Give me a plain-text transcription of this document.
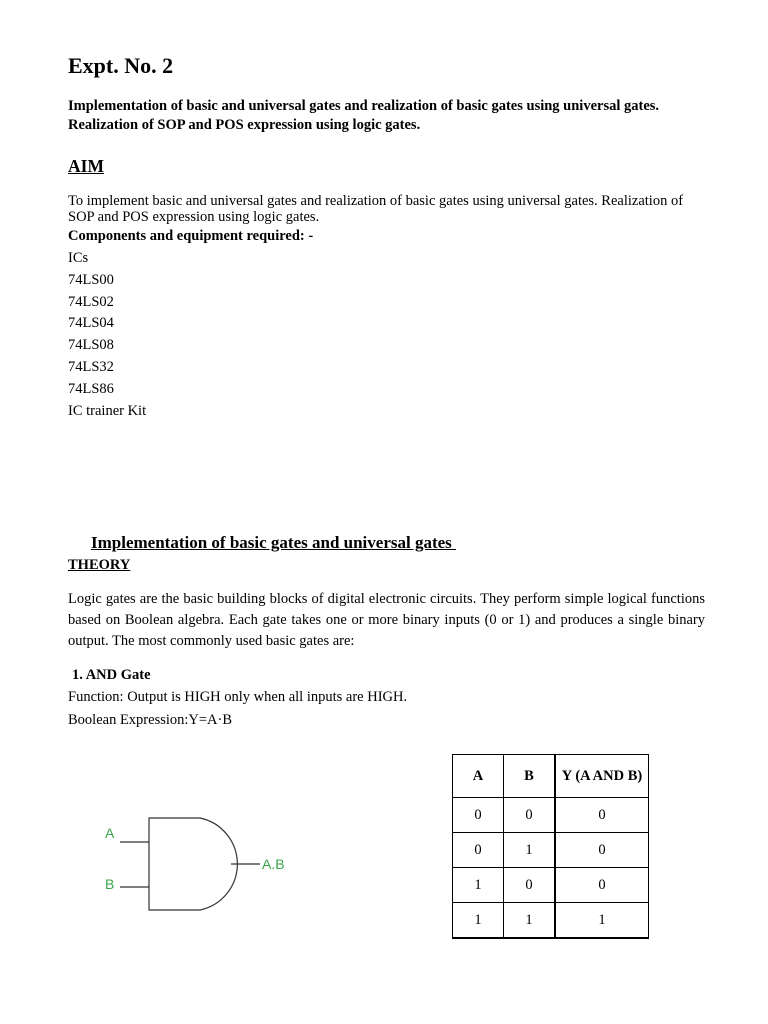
Expt. No. 2
Implementation of basic and universal gates and realization of basic gates using universal gates. Realization of SOP and POS expression using logic gates.
AIM
To implement basic and universal gates and realization of basic gates using universal gates. Realization of SOP and POS expression using logic gates.
Components and equipment required: -
ICs
74LS00
74LS02
74LS04
74LS08
74LS32
74LS86
IC trainer Kit
Implementation of basic gates and universal gates
THEORY
Logic gates are the basic building blocks of digital electronic circuits. They perform simple logical functions based on Boolean algebra. Each gate takes one or more binary inputs (0 or 1) and produces a single binary output. The most commonly used basic gates are:
1. AND Gate
Function: Output is HIGH only when all inputs are HIGH.
Boolean Expression:Y=A·B
A
B
A.B
A	B	Y (A AND B)
0	0	0
0	1	0
1	0	0
1	1	1
